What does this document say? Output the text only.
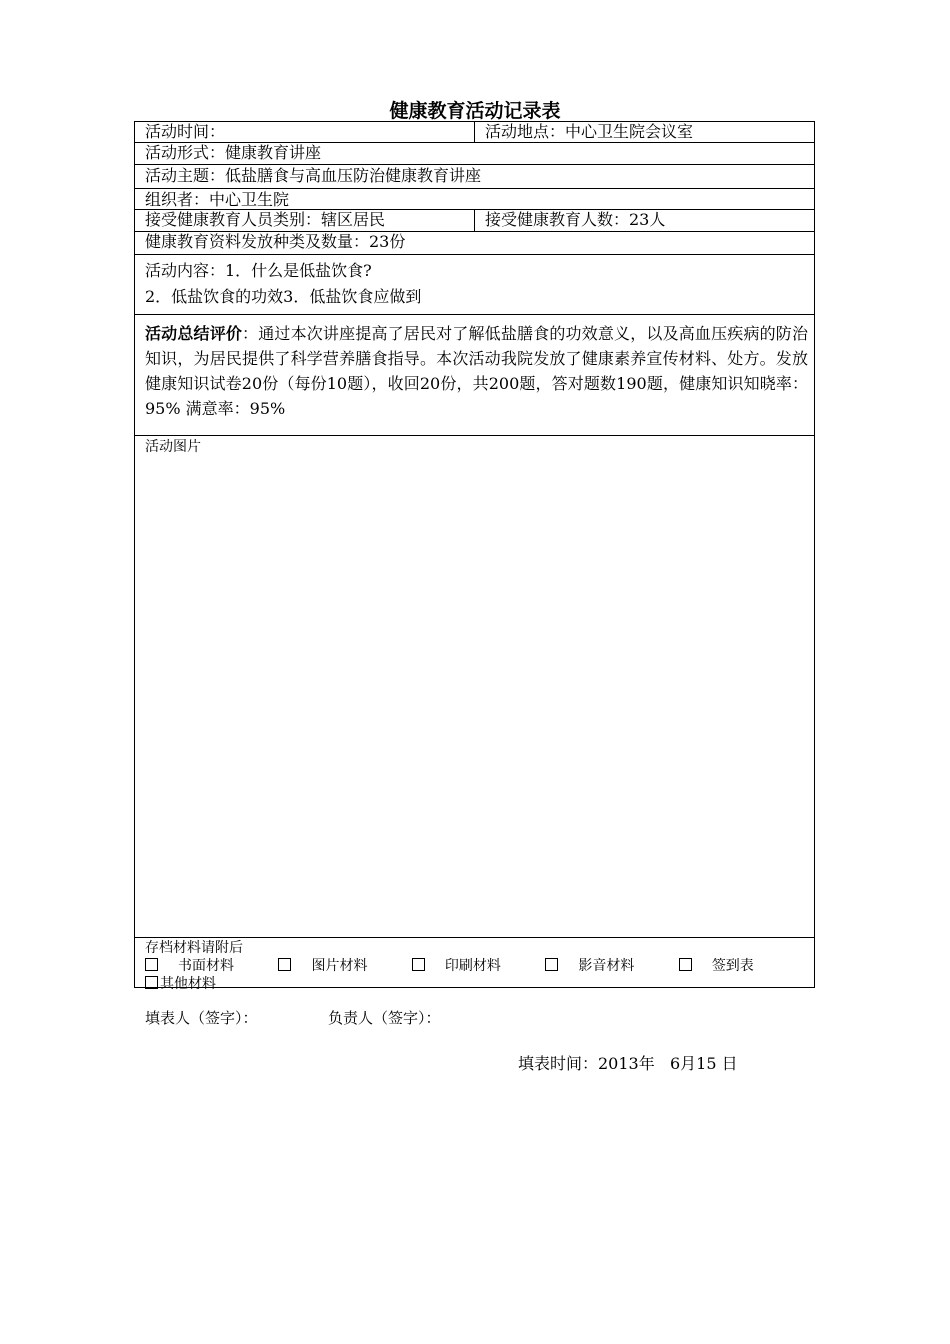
健康教育活动记录表
活动时间：	活动地点：中心卫生院会议室
活动形式：健康教育讲座
活动主题：低盐膳食与高血压防治健康教育讲座
组织者：中心卫生院
接受健康教育人员类别：辖区居民	接受健康教育人数：23人
健康教育资料发放种类及数量：23份
活动内容：1．什么是低盐饮食?
2．低盐饮食的功效3．低盐饮食应做到
活动总结评价：通过本次讲座提高了居民对了解低盐膳食的功效意义，以及高血压疾病的防治知识，为居民提供了科学营养膳食指导。本次活动我院发放了健康素养宣传材料、处方。发放健康知识试卷20份（每份10题），收回20份，共200题，答对题数190题，健康知识知晓率：95% 满意率：95%
活动图片
存档材料请附后
书面材料	图片材料	印刷材料	影音材料	签到表
其他材料
填表人（签字）：	负责人（签字）：
填表时间：2013年   6月15 日
